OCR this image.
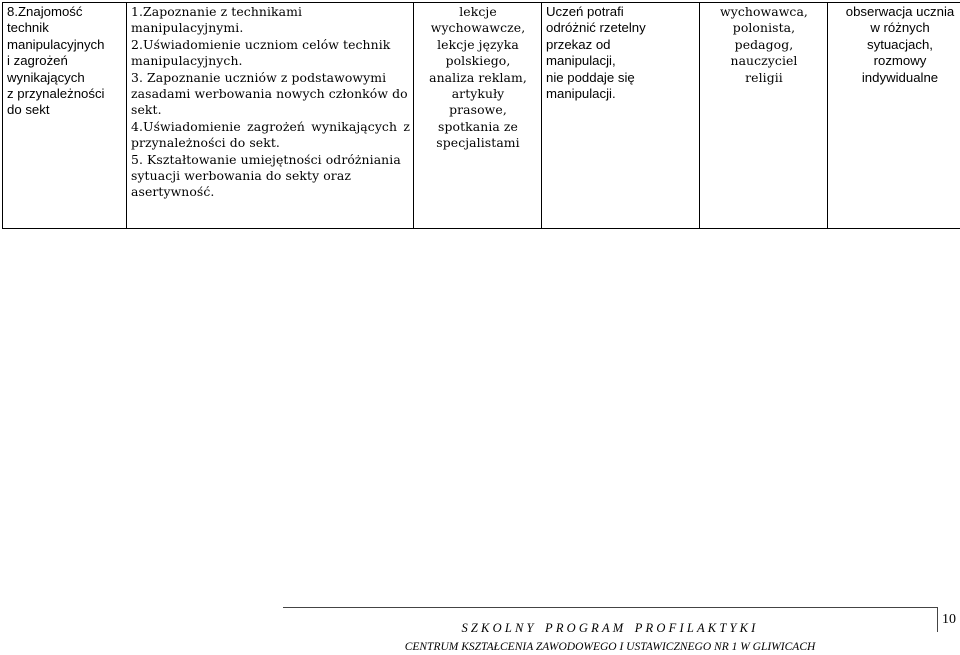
8.Znajomość
technik
manipulacyjnych
i zagrożeń
wynikających
z przynależności
do sekt

1.Zapoznanie z technikami manipulacyjnymi.
2.Uświadomienie uczniom celów technik manipulacyjnych.
3. Zapoznanie uczniów z podstawowymi zasadami werbowania nowych członków do sekt.
4.Uświadomienie zagrożeń wynikających z przynależności do sekt.
5. Kształtowanie umiejętności odróżniania sytuacji werbowania do sekty oraz asertywność.

lekcje
wychowawcze,
lekcje języka
polskiego,
analiza reklam,
artykuły
prasowe,
spotkania ze
specjalistami

Uczeń potrafi
odróżnić rzetelny
przekaz od
manipulacji,
nie poddaje się
manipulacji.

wychowawca,
polonista,
pedagog,
nauczyciel
religii

obserwacja ucznia
w różnych
sytuacjach,
rozmowy
indywidualne
10
SZKOLNY PROGRAM PROFILAKTYKI
CENTRUM KSZTAŁCENIA ZAWODOWEGO I USTAWICZNEGO NR 1 W GLIWICACH
